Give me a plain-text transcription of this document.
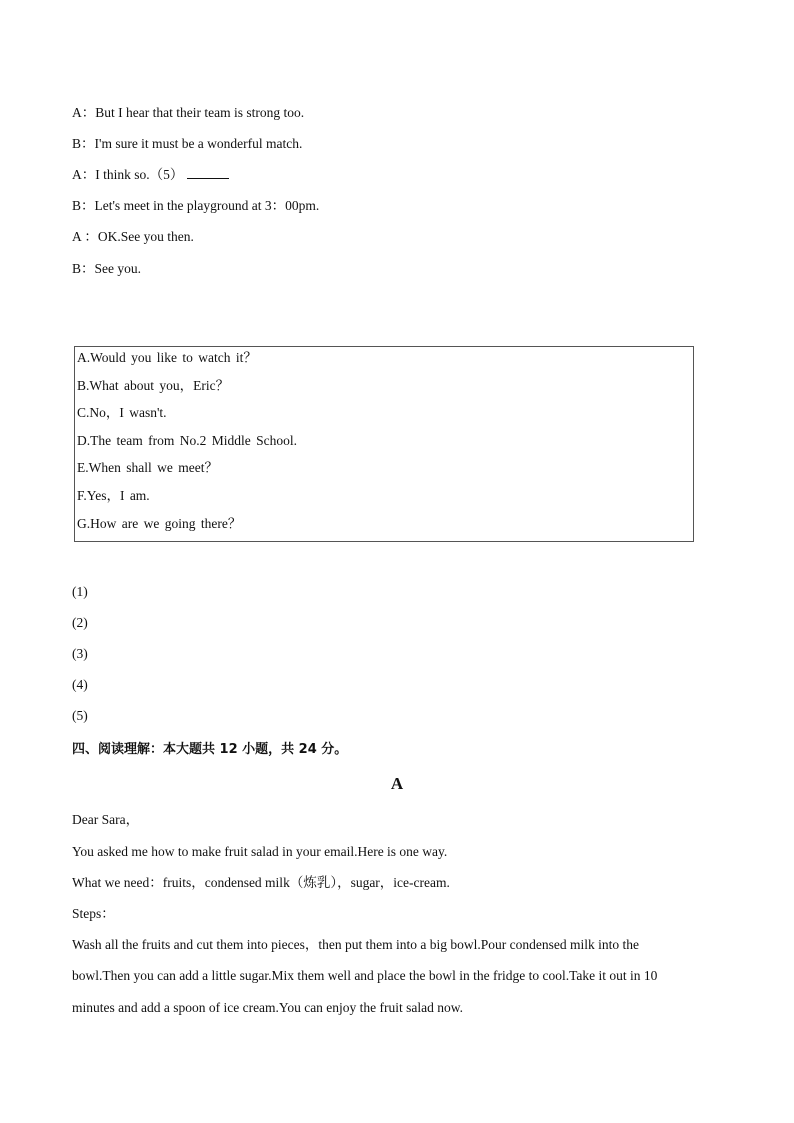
A：But I hear that their team is strong too.
B：I'm sure it must be a wonderful match.
A：I think so.（5）
B：Let's meet in the playground at 3：00pm.
A ：OK.See you then.
B：See you.
A.Would you like to watch it？
B.What about you，Eric？
C.No，I wasn't.
D.The team from No.2 Middle School.
E.When shall we meet？
F.Yes，I am.
G.How are we going there？
(1)
(2)
(3)
(4)
(5)
四、阅读理解：本大题共 12 小题，共 24 分。
A
Dear Sara，
You asked me how to make fruit salad in your email.Here is one way.
What we need：fruits，condensed milk（炼乳），sugar，ice-cream.
Steps：
Wash all the fruits and cut them into pieces，then put them into a big bowl.Pour condensed milk into the
bowl.Then you can add a little sugar.Mix them well and place the bowl in the fridge to cool.Take it out in 10
minutes and add a spoon of ice cream.You can enjoy the fruit salad now.
